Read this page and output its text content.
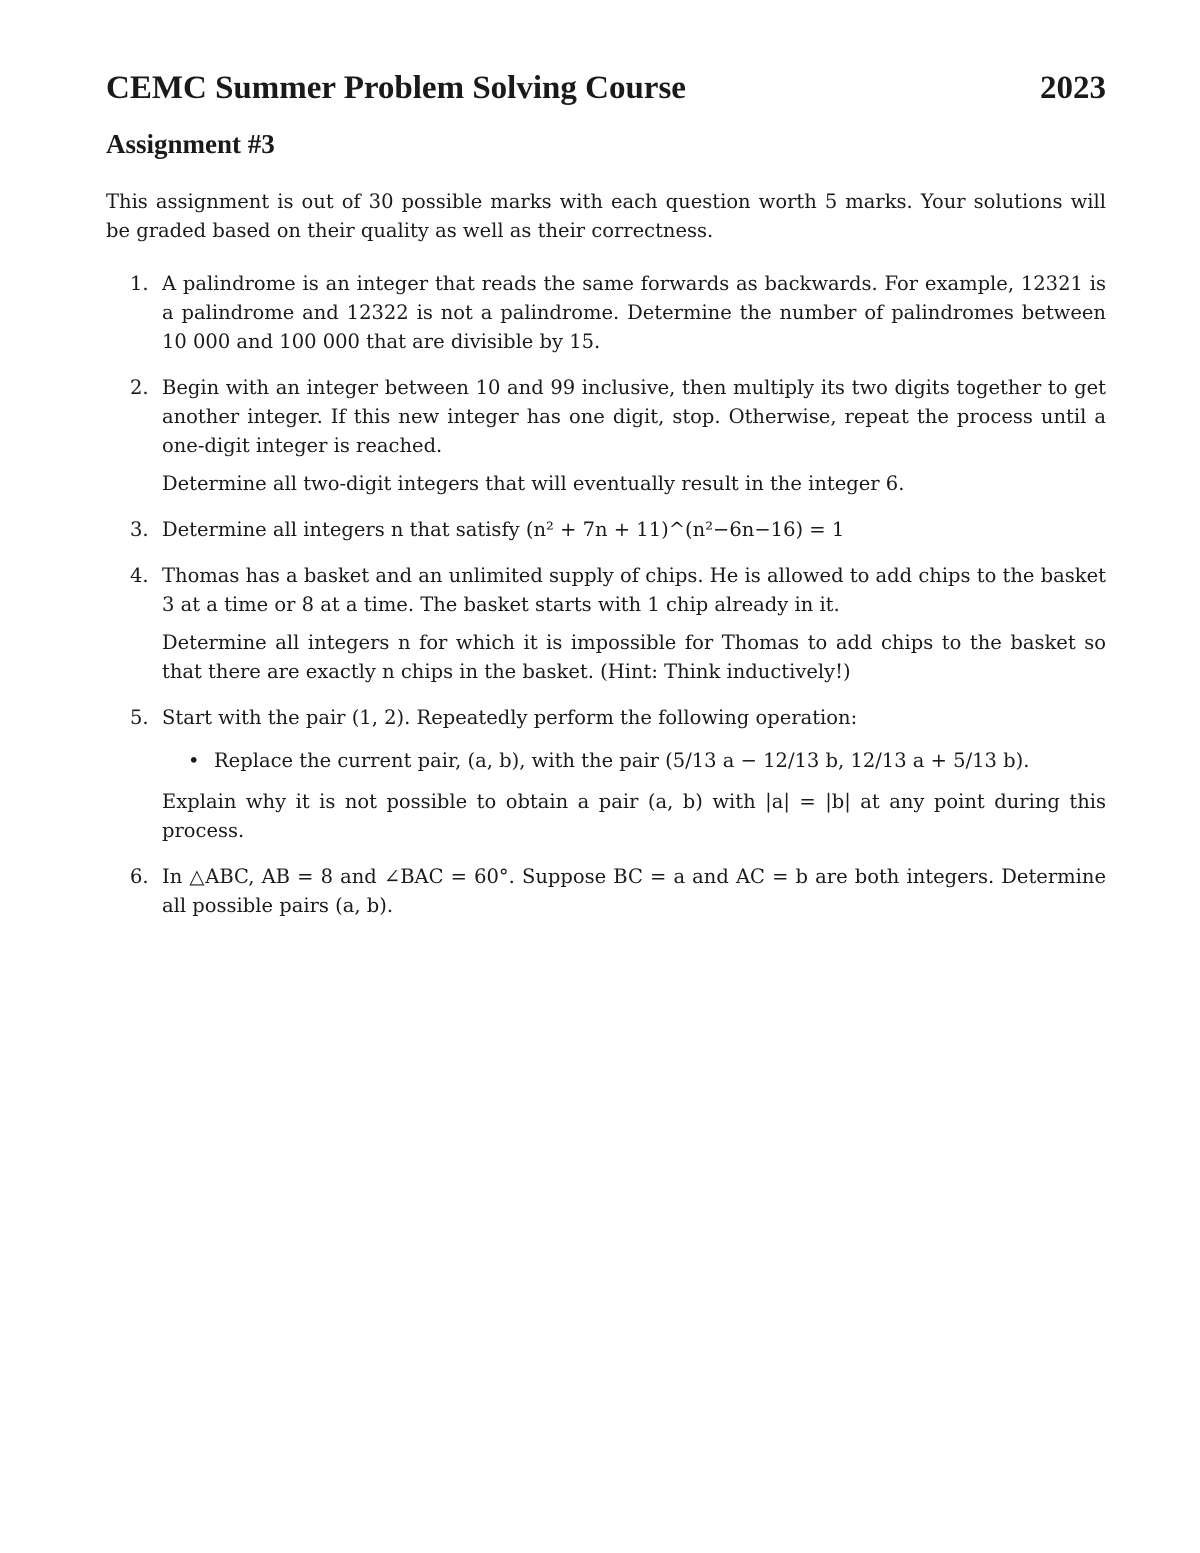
CEMC Summer Problem Solving Course	2023
Assignment #3
This assignment is out of 30 possible marks with each question worth 5 marks. Your solutions will be graded based on their quality as well as their correctness.
1. A palindrome is an integer that reads the same forwards as backwards. For example, 12321 is a palindrome and 12322 is not a palindrome. Determine the number of palindromes between 10 000 and 100 000 that are divisible by 15.
2. Begin with an integer between 10 and 99 inclusive, then multiply its two digits together to get another integer. If this new integer has one digit, stop. Otherwise, repeat the process until a one-digit integer is reached.
Determine all two-digit integers that will eventually result in the integer 6.
3. Determine all integers n that satisfy (n² + 7n + 11)^(n²−6n−16) = 1
4. Thomas has a basket and an unlimited supply of chips. He is allowed to add chips to the basket 3 at a time or 8 at a time. The basket starts with 1 chip already in it.
Determine all integers n for which it is impossible for Thomas to add chips to the basket so that there are exactly n chips in the basket. (Hint: Think inductively!)
5. Start with the pair (1, 2). Repeatedly perform the following operation:
• Replace the current pair, (a, b), with the pair (5/13 a − 12/13 b, 12/13 a + 5/13 b).
Explain why it is not possible to obtain a pair (a, b) with |a| = |b| at any point during this process.
6. In △ABC, AB = 8 and ∠BAC = 60°. Suppose BC = a and AC = b are both integers. Determine all possible pairs (a, b).
